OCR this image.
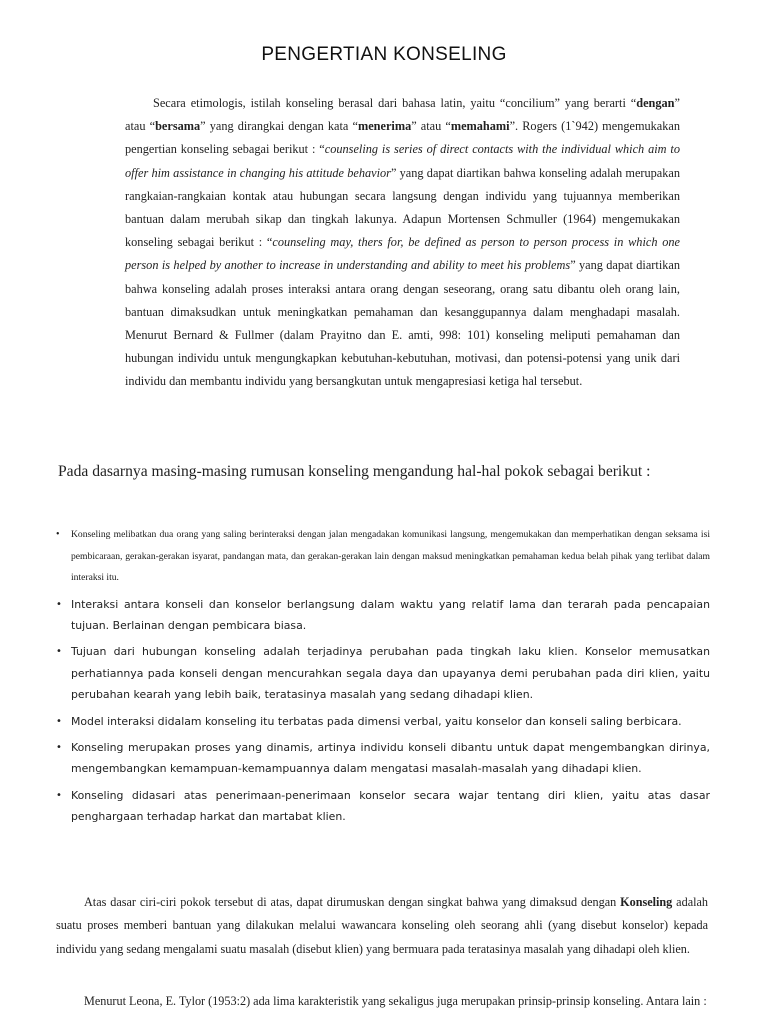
PENGERTIAN KONSELING

Secara etimologis, istilah konseling berasal dari bahasa latin, yaitu “concilium” yang berarti “dengan” atau “bersama” yang dirangkai dengan kata “menerima” atau “memahami”. Rogers (1`942) mengemukakan pengertian konseling sebagai berikut : “counseling is series of direct contacts with the individual which aim to offer him assistance in changing his attitude behavior” yang dapat diartikan bahwa konseling adalah merupakan rangkaian-rangkaian kontak atau hubungan secara langsung dengan individu yang tujuannya memberikan bantuan dalam merubah sikap dan tingkah lakunya. Adapun Mortensen Schmuller (1964) mengemukakan konseling sebagai berikut : “counseling may, thers for, be defined as person to person process in which one person is helped by another to increase in understanding and ability to meet his problems” yang dapat diartikan bahwa konseling adalah proses interaksi antara orang dengan seseorang, orang satu dibantu oleh orang lain, bantuan dimaksudkan untuk meningkatkan pemahaman dan kesanggupannya dalam menghadapi masalah. Menurut Bernard & Fullmer (dalam Prayitno dan E. amti, 998: 101) konseling meliputi pemahaman dan hubungan individu untuk mengungkapkan kebutuhan-kebutuhan, motivasi, dan potensi-potensi yang unik dari individu dan membantu individu yang bersangkutan untuk mengapresiasi ketiga hal tersebut.

Pada dasarnya masing-masing rumusan konseling mengandung hal-hal pokok sebagai berikut :

• Konseling melibatkan dua orang yang saling berinteraksi dengan jalan mengadakan komunikasi langsung, mengemukakan dan memperhatikan dengan seksama isi pembicaraan, gerakan-gerakan isyarat, pandangan mata, dan gerakan-gerakan lain dengan maksud meningkatkan pemahaman kedua belah pihak yang terlibat dalam interaksi itu.
• Interaksi antara konseli dan konselor berlangsung dalam waktu yang relatif lama dan terarah pada pencapaian tujuan. Berlainan dengan pembicara biasa.
• Tujuan dari hubungan konseling adalah terjadinya perubahan pada tingkah laku klien. Konselor memusatkan perhatiannya pada konseli dengan mencurahkan segala daya dan upayanya demi perubahan pada diri klien, yaitu perubahan kearah yang lebih baik, teratasinya masalah yang sedang dihadapi klien.
• Model interaksi didalam konseling itu terbatas pada dimensi verbal, yaitu konselor dan konseli saling berbicara.
• Konseling merupakan proses yang dinamis, artinya individu konseli dibantu untuk dapat mengembangkan dirinya, mengembangkan kemampuan-kemampuannya dalam mengatasi masalah-masalah yang dihadapi klien.
• Konseling didasari atas penerimaan-penerimaan konselor secara wajar tentang diri klien, yaitu atas dasar penghargaan terhadap harkat dan martabat klien.

Atas dasar ciri-ciri pokok tersebut di atas, dapat dirumuskan dengan singkat bahwa yang dimaksud dengan Konseling adalah suatu proses memberi bantuan yang dilakukan melalui wawancara konseling oleh seorang ahli (yang disebut konselor) kepada individu yang sedang mengalami suatu masalah (disebut klien) yang bermuara pada teratasinya masalah yang dihadapi oleh klien.

Menurut Leona, E. Tylor (1953:2) ada lima karakteristik yang sekaligus juga merupakan prinsip-prinsip konseling. Antara lain :
